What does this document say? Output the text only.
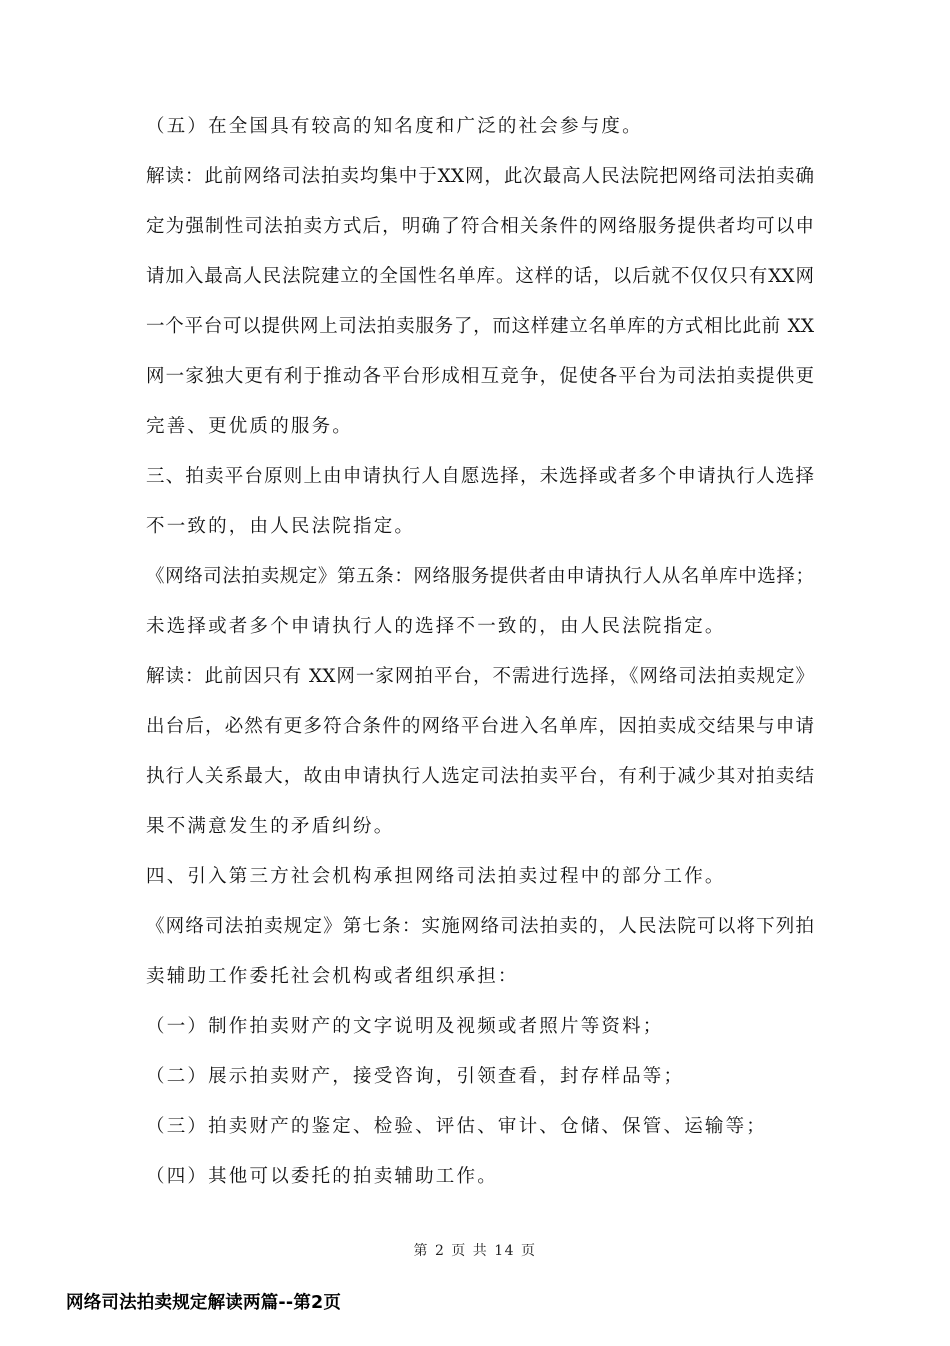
（五）在全国具有较高的知名度和广泛的社会参与度。
解读：此前网络司法拍卖均集中于XX网，此次最高人民法院把网络司法拍卖确
定为强制性司法拍卖方式后，明确了符合相关条件的网络服务提供者均可以申
请加入最高人民法院建立的全国性名单库。这样的话，以后就不仅仅只有XX网
一个平台可以提供网上司法拍卖服务了，而这样建立名单库的方式相比此前 XX
网一家独大更有利于推动各平台形成相互竞争，促使各平台为司法拍卖提供更
完善、更优质的服务。
三、拍卖平台原则上由申请执行人自愿选择，未选择或者多个申请执行人选择
不一致的，由人民法院指定。
《网络司法拍卖规定》第五条：网络服务提供者由申请执行人从名单库中选择；
未选择或者多个申请执行人的选择不一致的，由人民法院指定。
解读：此前因只有 XX网一家网拍平台，不需进行选择，《网络司法拍卖规定》
出台后，必然有更多符合条件的网络平台进入名单库，因拍卖成交结果与申请
执行人关系最大，故由申请执行人选定司法拍卖平台，有利于减少其对拍卖结
果不满意发生的矛盾纠纷。
四、引入第三方社会机构承担网络司法拍卖过程中的部分工作。
《网络司法拍卖规定》第七条：实施网络司法拍卖的，人民法院可以将下列拍
卖辅助工作委托社会机构或者组织承担：
（一）制作拍卖财产的文字说明及视频或者照片等资料；
（二）展示拍卖财产，接受咨询，引领查看，封存样品等；
（三）拍卖财产的鉴定、检验、评估、审计、仓储、保管、运输等；
（四）其他可以委托的拍卖辅助工作。
第 2 页 共 14 页
网络司法拍卖规定解读两篇--第2页
